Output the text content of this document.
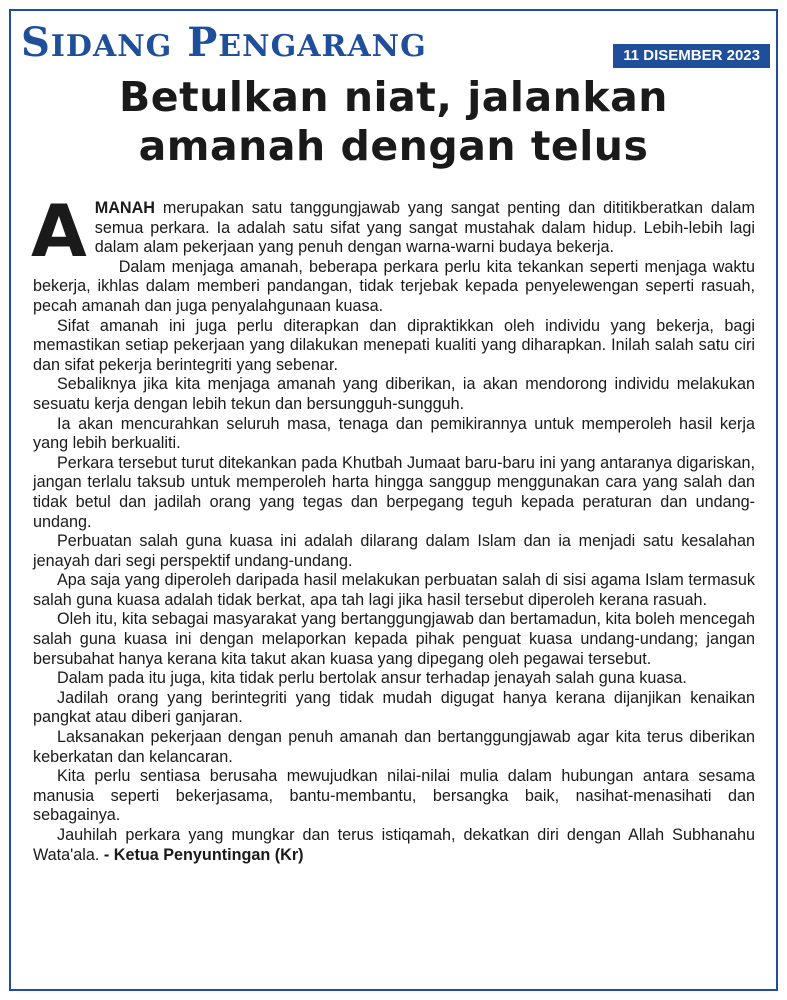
SIDANG PENGARANG	11 DISEMBER 2023
Betulkan niat, jalankan
amanah dengan telus

AMANAH merupakan satu tanggungjawab yang sangat penting dan dititikberatkan dalam semua perkara. Ia adalah satu sifat yang sangat mustahak dalam hidup. Lebih-lebih lagi dalam alam pekerjaan yang penuh dengan warna-warni budaya bekerja.

Dalam menjaga amanah, beberapa perkara perlu kita tekankan seperti menjaga waktu bekerja, ikhlas dalam memberi pandangan, tidak terjebak kepada penyelewengan seperti rasuah, pecah amanah dan juga penyalahgunaan kuasa.

Sifat amanah ini juga perlu diterapkan dan dipraktikkan oleh individu yang bekerja, bagi memastikan setiap pekerjaan yang dilakukan menepati kualiti yang diharapkan. Inilah salah satu ciri dan sifat pekerja berintegriti yang sebenar.

Sebaliknya jika kita menjaga amanah yang diberikan, ia akan mendorong individu melakukan sesuatu kerja dengan lebih tekun dan bersungguh-sungguh.

Ia akan mencurahkan seluruh masa, tenaga dan pemikirannya untuk memperoleh hasil kerja yang lebih berkualiti.

Perkara tersebut turut ditekankan pada Khutbah Jumaat baru-baru ini yang antaranya digariskan, jangan terlalu taksub untuk memperoleh harta hingga sanggup menggunakan cara yang salah dan tidak betul dan jadilah orang yang tegas dan berpegang teguh kepada peraturan dan undang-undang.

Perbuatan salah guna kuasa ini adalah dilarang dalam Islam dan ia menjadi satu kesalahan jenayah dari segi perspektif undang-undang.

Apa saja yang diperoleh daripada hasil melakukan perbuatan salah di sisi agama Islam termasuk salah guna kuasa adalah tidak berkat, apa tah lagi jika hasil tersebut diperoleh kerana rasuah.

Oleh itu, kita sebagai masyarakat yang bertanggungjawab dan bertamadun, kita boleh mencegah salah guna kuasa ini dengan melaporkan kepada pihak penguat kuasa undang-undang; jangan bersubahat hanya kerana kita takut akan kuasa yang dipegang oleh pegawai tersebut.

Dalam pada itu juga, kita tidak perlu bertolak ansur terhadap jenayah salah guna kuasa.

Jadilah orang yang berintegriti yang tidak mudah digugat hanya kerana dijanjikan kenaikan pangkat atau diberi ganjaran.

Laksanakan pekerjaan dengan penuh amanah dan bertanggungjawab agar kita terus diberikan keberkatan dan kelancaran.

Kita perlu sentiasa berusaha mewujudkan nilai-nilai mulia dalam hubungan antara sesama manusia seperti bekerjasama, bantu-membantu, bersangka baik, nasihat-menasihati dan sebagainya.

Jauhilah perkara yang mungkar dan terus istiqamah, dekatkan diri dengan Allah Subhanahu Wata'ala. - Ketua Penyuntingan (Kr)
